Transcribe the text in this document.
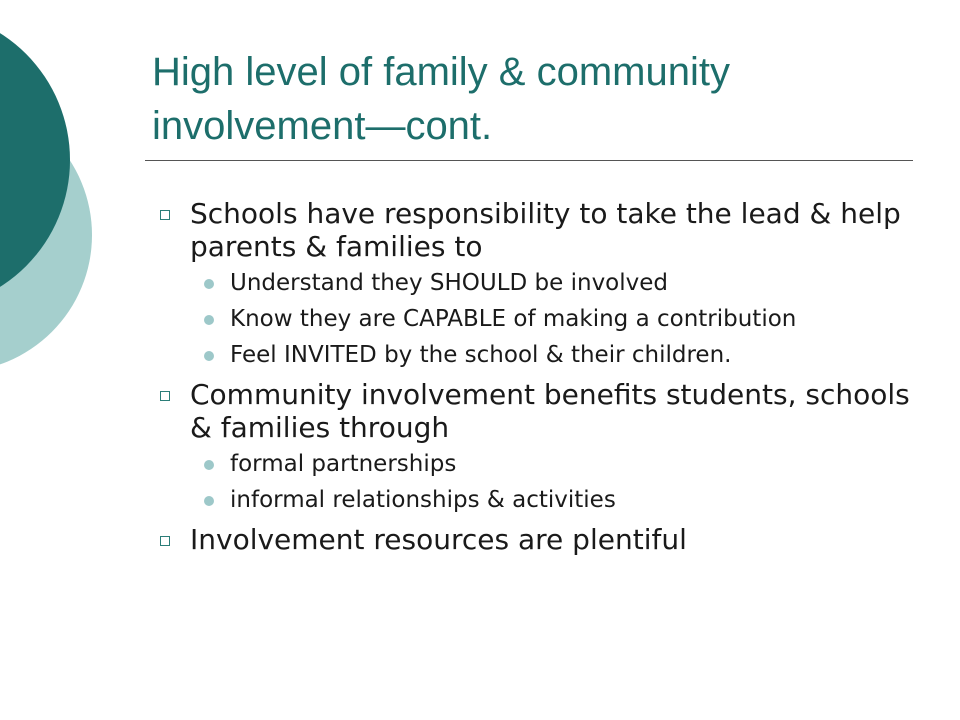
High level of family & community involvement—cont.
Schools have responsibility to take the lead & help parents & families to
Understand they SHOULD be involved
Know they are CAPABLE of making a contribution
Feel INVITED by the school & their children.
Community involvement benefits students, schools & families through
formal partnerships
informal relationships & activities
Involvement resources are plentiful
